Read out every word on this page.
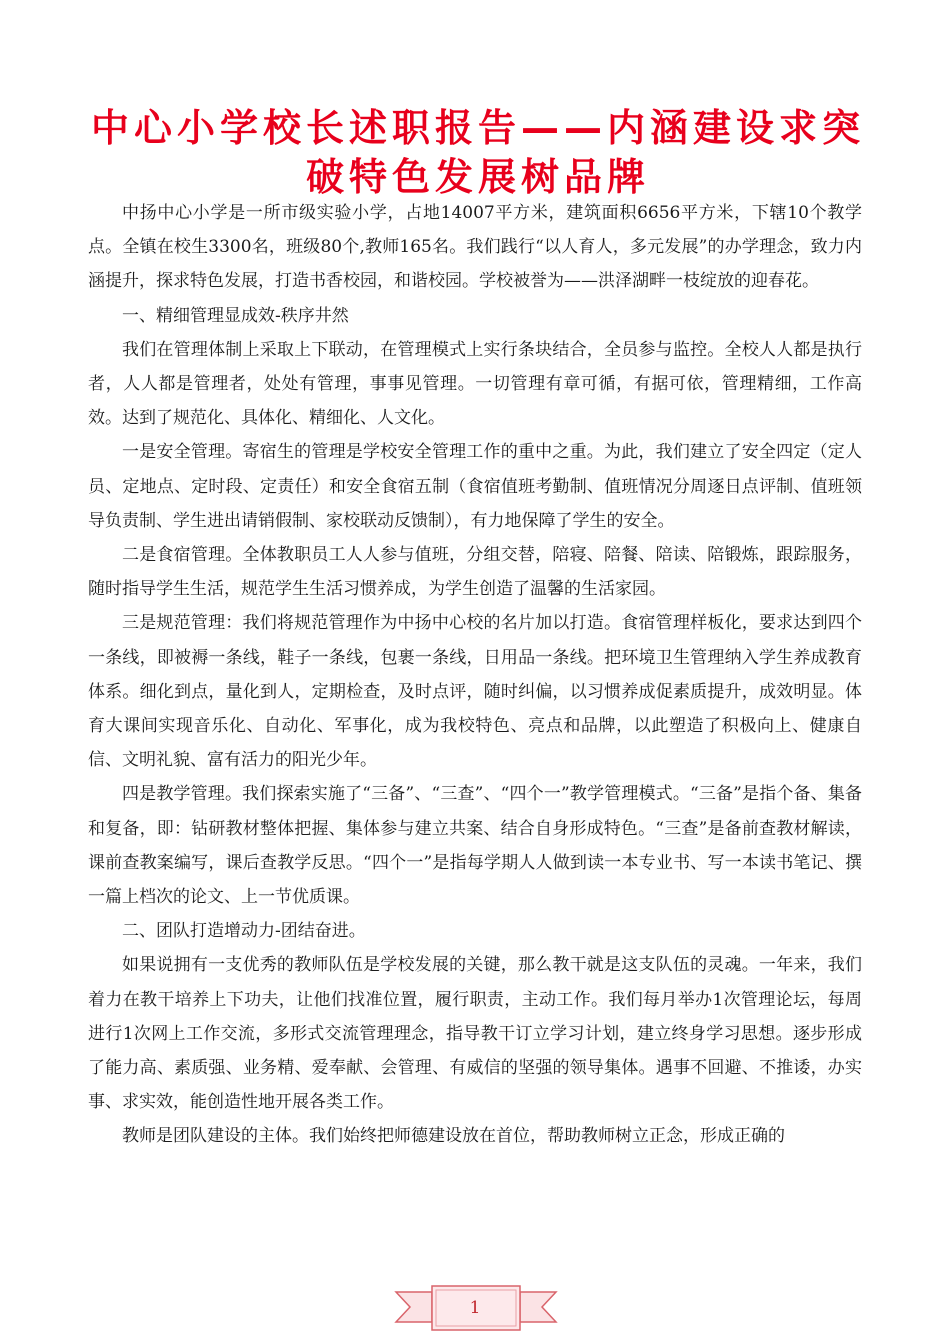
中心小学校长述职报告——内涵建设求突破特色发展树品牌

中扬中心小学是一所市级实验小学，占地14007平方米，建筑面积6656平方米，下辖10个教学点。全镇在校生3300名，班级80个,教师165名。我们践行“以人育人，多元发展”的办学理念，致力内涵提升，探求特色发展，打造书香校园，和谐校园。学校被誉为——洪泽湖畔一枝绽放的迎春花。

一、精细管理显成效-秩序井然

我们在管理体制上采取上下联动，在管理模式上实行条块结合，全员参与监控。全校人人都是执行者，人人都是管理者，处处有管理，事事见管理。一切管理有章可循，有据可依，管理精细，工作高效。达到了规范化、具体化、精细化、人文化。

一是安全管理。寄宿生的管理是学校安全管理工作的重中之重。为此，我们建立了安全四定（定人员、定地点、定时段、定责任）和安全食宿五制（食宿值班考勤制、值班情况分周逐日点评制、值班领导负责制、学生进出请销假制、家校联动反馈制），有力地保障了学生的安全。

二是食宿管理。全体教职员工人人参与值班，分组交替，陪寝、陪餐、陪读、陪锻炼，跟踪服务，随时指导学生生活，规范学生生活习惯养成，为学生创造了温馨的生活家园。

三是规范管理：我们将规范管理作为中扬中心校的名片加以打造。食宿管理样板化，要求达到四个一条线，即被褥一条线，鞋子一条线，包裹一条线，日用品一条线。把环境卫生管理纳入学生养成教育体系。细化到点，量化到人，定期检查，及时点评，随时纠偏，以习惯养成促素质提升，成效明显。体育大课间实现音乐化、自动化、军事化，成为我校特色、亮点和品牌，以此塑造了积极向上、健康自信、文明礼貌、富有活力的阳光少年。

四是教学管理。我们探索实施了“三备”、“三查”、“四个一”教学管理模式。“三备”是指个备、集备和复备，即：钻研教材整体把握、集体参与建立共案、结合自身形成特色。“三查”是备前查教材解读，课前查教案编写，课后查教学反思。“四个一”是指每学期人人做到读一本专业书、写一本读书笔记、撰一篇上档次的论文、上一节优质课。

二、团队打造增动力-团结奋进。

如果说拥有一支优秀的教师队伍是学校发展的关键，那么教干就是这支队伍的灵魂。一年来，我们着力在教干培养上下功夫，让他们找准位置，履行职责，主动工作。我们每月举办1次管理论坛，每周进行1次网上工作交流，多形式交流管理理念，指导教干订立学习计划，建立终身学习思想。逐步形成了能力高、素质强、业务精、爱奉献、会管理、有威信的坚强的领导集体。遇事不回避、不推诿，办实事、求实效，能创造性地开展各类工作。

教师是团队建设的主体。我们始终把师德建设放在首位，帮助教师树立正念，形成正确的

1
